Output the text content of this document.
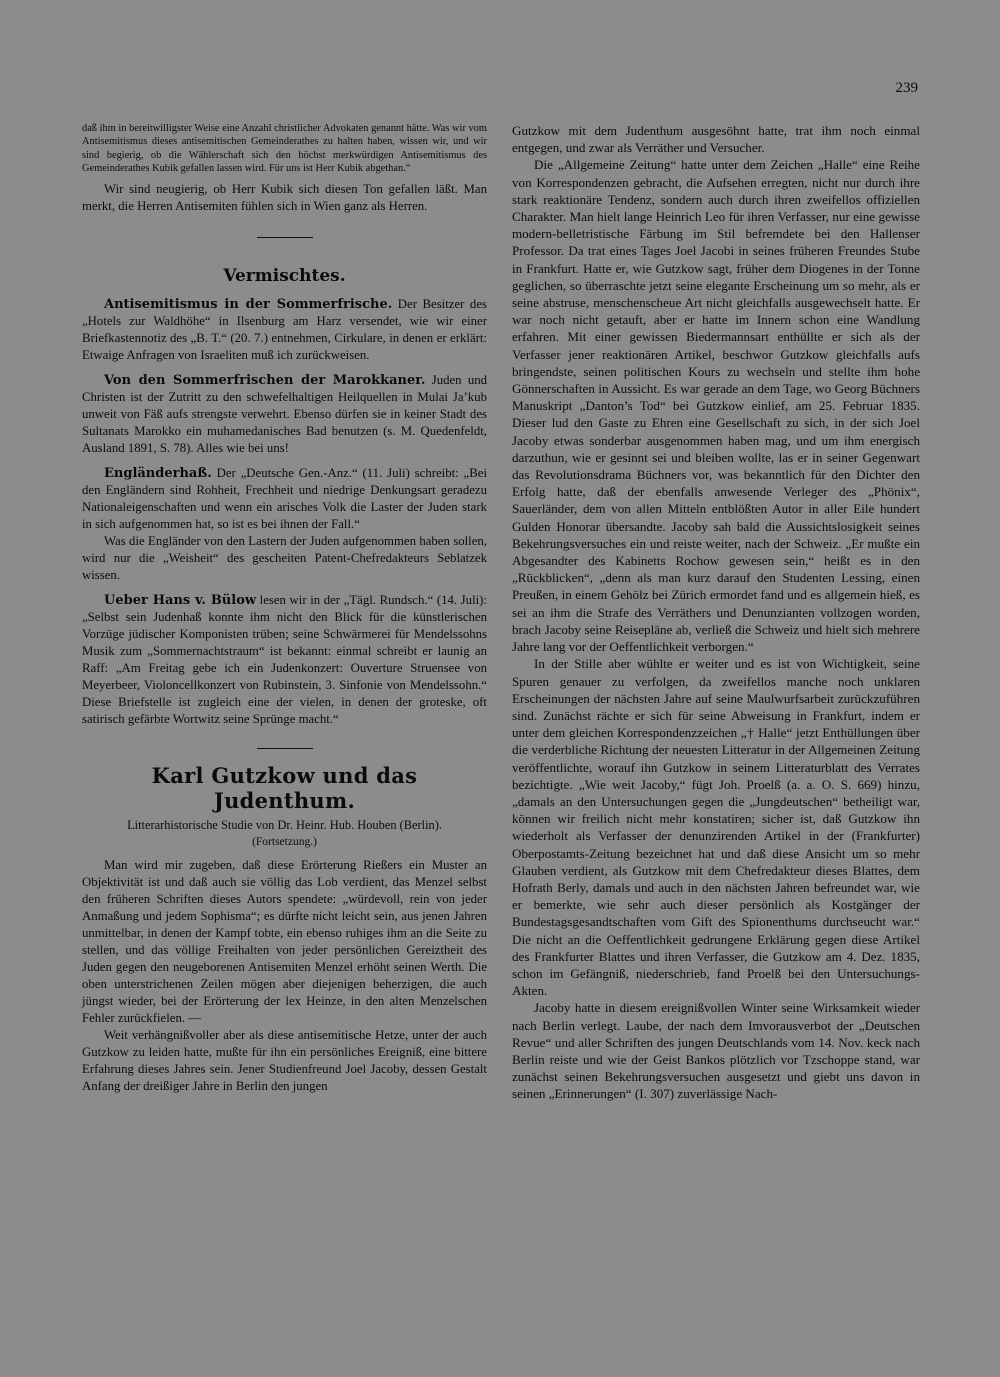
239

daß ihm in bereitwilligster Weise eine Anzahl christlicher Advokaten genannt hätte. Was wir vom Antisemitismus dieses antisemitischen Gemeinderathes zu halten haben, wissen wir, und wir sind begierig, ob die Wählerschaft sich den höchst merkwürdigen Antisemitismus des Gemeinderathes Kubik gefallen lassen wird. Für uns ist Herr Kubik abgethan.“

Wir sind neugierig, ob Herr Kubik sich diesen Ton gefallen läßt. Man merkt, die Herren Antisemiten fühlen sich in Wien ganz als Herren.

Vermischtes.

Antisemitismus in der Sommerfrische. Der Besitzer des „Hotels zur Waldhöhe“ in Ilsenburg am Harz versendet, wie wir einer Briefkastennotiz des „B. T.“ (20. 7.) entnehmen, Cirkulare, in denen er erklärt: Etwaige Anfragen von Israeliten muß ich zurückweisen.

Von den Sommerfrischen der Marokkaner. Juden und Christen ist der Zutritt zu den schwefelhaltigen Heilquellen in Mulai Ja’kub unweit von Fäß aufs strengste verwehrt. Ebenso dürfen sie in keiner Stadt des Sultanats Marokko ein muhamedanisches Bad benutzen (s. M. Quedenfeldt, Ausland 1891, S. 78). Alles wie bei uns!

Engländerhaß. Der „Deutsche Gen.-Anz.“ (11. Juli) schreibt: „Bei den Engländern sind Rohheit, Frechheit und niedrige Denkungsart geradezu Nationaleigenschaften und wenn ein arisches Volk die Laster der Juden stark in sich aufgenommen hat, so ist es bei ihnen der Fall.“

Was die Engländer von den Lastern der Juden aufgenommen haben sollen, wird nur die „Weisheit“ des gescheiten Patent-Chefredakteurs Seblatzek wissen.

Ueber Hans v. Bülow lesen wir in der „Tägl. Rundsch.“ (14. Juli): „Selbst sein Judenhaß konnte ihm nicht den Blick für die künstlerischen Vorzüge jüdischer Komponisten trüben; seine Schwärmerei für Mendelssohns Musik zum „Sommernachtstraum“ ist bekannt: einmal schreibt er launig an Raff: „Am Freitag gebe ich ein Judenkonzert: Ouverture Struensee von Meyerbeer, Violoncellkonzert von Rubinstein, 3. Sinfonie von Mendelssohn.“ Diese Briefstelle ist zugleich eine der vielen, in denen der groteske, oft satirisch gefärbte Wortwitz seine Sprünge macht.“

Karl Gutzkow und das Judenthum.
Litterarhistorische Studie von Dr. Heinr. Hub. Houben (Berlin).
(Fortsetzung.)

Man wird mir zugeben, daß diese Erörterung Rießers ein Muster an Objektivität ist und daß auch sie völlig das Lob verdient, das Menzel selbst den früheren Schriften dieses Autors spendete: „würdevoll, rein von jeder Anmaßung und jedem Sophisma“; es dürfte nicht leicht sein, aus jenen Jahren unmittelbar, in denen der Kampf tobte, ein ebenso ruhiges ihm an die Seite zu stellen, und das völlige Freihalten von jeder persönlichen Gereiztheit des Juden gegen den neugeborenen Antisemiten Menzel erhöht seinen Werth. Die oben unterstrichenen Zeilen mögen aber diejenigen beherzigen, die auch jüngst wieder, bei der Erörterung der lex Heinze, in den alten Menzelschen Fehler zurückfielen. —

Weit verhängnißvoller aber als diese antisemitische Hetze, unter der auch Gutzkow zu leiden hatte, mußte für ihn ein persönliches Ereigniß, eine bittere Erfahrung dieses Jahres sein. Jener Studienfreund Joel Jacoby, dessen Gestalt Anfang der dreißiger Jahre in Berlin den jungen

Gutzkow mit dem Judenthum ausgesöhnt hatte, trat ihm noch einmal entgegen, und zwar als Verräther und Versucher.

Die „Allgemeine Zeitung“ hatte unter dem Zeichen „Halle“ eine Reihe von Korrespondenzen gebracht, die Aufsehen erregten, nicht nur durch ihre stark reaktionäre Tendenz, sondern auch durch ihren zweifellos offiziellen Charakter. Man hielt lange Heinrich Leo für ihren Verfasser, nur eine gewisse modern-belletristische Färbung im Stil befremdete bei den Hallenser Professor. Da trat eines Tages Joel Jacobi in seines früheren Freundes Stube in Frankfurt. Hatte er, wie Gutzkow sagt, früher dem Diogenes in der Tonne geglichen, so überraschte jetzt seine elegante Erscheinung um so mehr, als er seine abstruse, menschenscheue Art nicht gleichfalls ausgewechselt hatte. Er war noch nicht getauft, aber er hatte im Innern schon eine Wandlung erfahren. Mit einer gewissen Biedermannsart enthüllte er sich als der Verfasser jener reaktionären Artikel, beschwor Gutzkow gleichfalls aufs bringendste, seinen politischen Kours zu wechseln und stellte ihm hohe Gönnerschaften in Aussicht. Es war gerade an dem Tage, wo Georg Büchners Manuskript „Danton’s Tod“ bei Gutzkow einlief, am 25. Februar 1835. Dieser lud den Gaste zu Ehren eine Gesellschaft zu sich, in der sich Joel Jacoby etwas sonderbar ausgenommen haben mag, und um ihm energisch darzuthun, wie er gesinnt sei und bleiben wollte, las er in seiner Gegenwart das Revolutionsdrama Büchners vor, was bekanntlich für den Dichter den Erfolg hatte, daß der ebenfalls anwesende Verleger des „Phönix“, Sauerländer, dem von allen Mitteln entblößten Autor in aller Eile hundert Gulden Honorar übersandte. Jacoby sah bald die Aussichtslosigkeit seines Bekehrungsversuches ein und reiste weiter, nach der Schweiz. „Er mußte ein Abgesandter des Kabinetts Rochow gewesen sein,“ heißt es in den „Rückblicken“, „denn als man kurz darauf den Studenten Lessing, einen Preußen, in einem Gehölz bei Zürich ermordet fand und es allgemein hieß, es sei an ihm die Strafe des Verräthers und Denunzianten vollzogen worden, brach Jacoby seine Reisepläne ab, verließ die Schweiz und hielt sich mehrere Jahre lang vor der Oeffentlichkeit verborgen.“

In der Stille aber wühlte er weiter und es ist von Wichtigkeit, seine Spuren genauer zu verfolgen, da zweifellos manche noch unklaren Erscheinungen der nächsten Jahre auf seine Maulwurfsarbeit zurückzuführen sind. Zunächst rächte er sich für seine Abweisung in Frankfurt, indem er unter dem gleichen Korrespondenzzeichen „† Halle“ jetzt Enthüllungen über die verderbliche Richtung der neuesten Litteratur in der Allgemeinen Zeitung veröffentlichte, worauf ihn Gutzkow in seinem Litteraturblatt des Verrates bezichtigte. „Wie weit Jacoby,“ fügt Joh. Proelß (a. a. O. S. 669) hinzu, „damals an den Untersuchungen gegen die „Jungdeutschen“ betheiligt war, können wir freilich nicht mehr konstatiren; sicher ist, daß Gutzkow ihn wiederholt als Verfasser der denunzirenden Artikel in der (Frankfurter) Oberpostamts-Zeitung bezeichnet hat und daß diese Ansicht um so mehr Glauben verdient, als Gutzkow mit dem Chefredakteur dieses Blattes, dem Hofrath Berly, damals und auch in den nächsten Jahren befreundet war, wie er bemerkte, wie sehr auch dieser persönlich als Kostgänger der Bundestagsgesandtschaften vom Gift des Spionenthums durchseucht war.“ Die nicht an die Oeffentlichkeit gedrungene Erklärung gegen diese Artikel des Frankfurter Blattes und ihren Verfasser, die Gutzkow am 4. Dez. 1835, schon im Gefängniß, niederschrieb, fand Proelß bei den Untersuchungs-Akten.

Jacoby hatte in diesem ereignißvollen Winter seine Wirksamkeit wieder nach Berlin verlegt. Laube, der nach dem Imvorausverbot der „Deutschen Revue“ und aller Schriften des jungen Deutschlands vom 14. Nov. keck nach Berlin reiste und wie der Geist Bankos plötzlich vor Tzschoppe stand, war zunächst seinen Bekehrungsversuchen ausgesetzt und giebt uns davon in seinen „Erinnerungen“ (I. 307) zuverlässige Nach-
